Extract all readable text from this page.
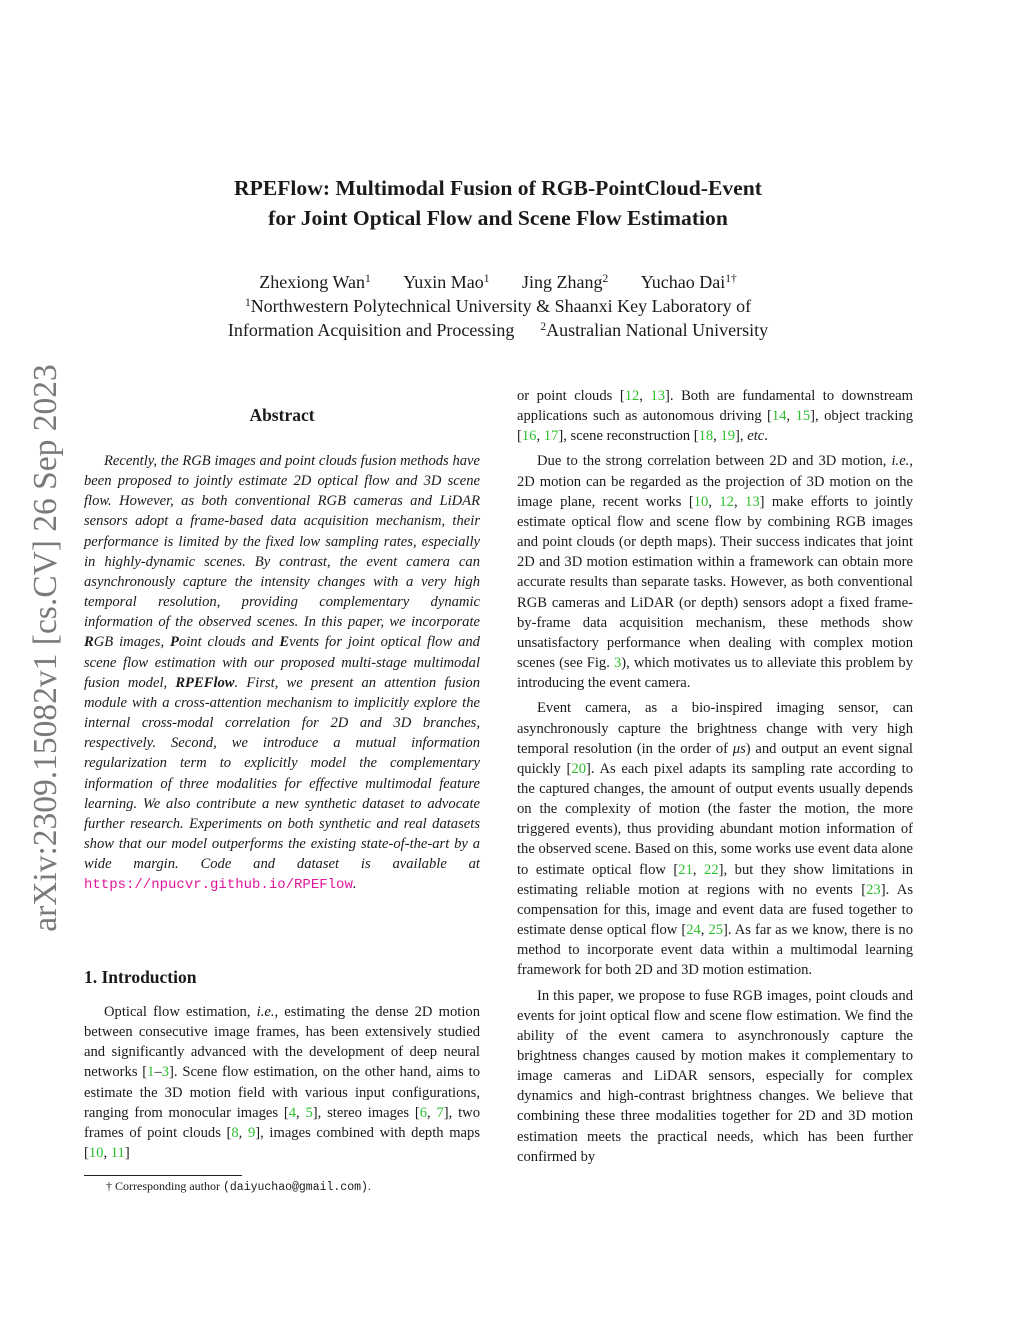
arXiv:2309.15082v1 [cs.CV] 26 Sep 2023
RPEFlow: Multimodal Fusion of RGB-PointCloud-Event
for Joint Optical Flow and Scene Flow Estimation
Zhexiong Wan$^1$ Yuxin Mao$^1$ Jing Zhang$^2$ Yuchao Dai$^{1\dagger}$
$^1$Northwestern Polytechnical University & Shaanxi Key Laboratory of
Information Acquisition and Processing $^2$Australian National University
Abstract

Recently, the RGB images and point clouds fusion methods have been proposed to jointly estimate 2D optical flow and 3D scene flow. However, as both conventional RGB cameras and LiDAR sensors adopt a frame-based data acquisition mechanism, their performance is limited by the fixed low sampling rates, especially in highly-dynamic scenes. By contrast, the event camera can asynchronously capture the intensity changes with a very high temporal resolution, providing complementary dynamic information of the observed scenes. In this paper, we incorporate RGB images, Point clouds and Events for joint optical flow and scene flow estimation with our proposed multi-stage multimodal fusion model, RPEFlow. First, we present an attention fusion module with a cross-attention mechanism to implicitly explore the internal cross-modal correlation for 2D and 3D branches, respectively. Second, we introduce a mutual information regularization term to explicitly model the complementary information of three modalities for effective multimodal feature learning. We also contribute a new synthetic dataset to advocate further research. Experiments on both synthetic and real datasets show that our model outperforms the existing state-of-the-art by a wide margin. Code and dataset is available at https://npucvr.github.io/RPEFlow.

1. Introduction

Optical flow estimation, i.e., estimating the dense 2D motion between consecutive image frames, has been extensively studied and significantly advanced with the development of deep neural networks [1–3]. Scene flow estimation, on the other hand, aims to estimate the 3D motion field with various input configurations, ranging from monocular images [4, 5], stereo images [6, 7], two frames of point clouds [8, 9], images combined with depth maps [10, 11]

† Corresponding author (daiyuchao@gmail.com).

or point clouds [12, 13]. Both are fundamental to downstream applications such as autonomous driving [14, 15], object tracking [16, 17], scene reconstruction [18, 19], etc.

Due to the strong correlation between 2D and 3D motion, i.e., 2D motion can be regarded as the projection of 3D motion on the image plane, recent works [10, 12, 13] make efforts to jointly estimate optical flow and scene flow by combining RGB images and point clouds (or depth maps). Their success indicates that joint 2D and 3D motion estimation within a framework can obtain more accurate results than separate tasks. However, as both conventional RGB cameras and LiDAR (or depth) sensors adopt a fixed frame-by-frame data acquisition mechanism, these methods show unsatisfactory performance when dealing with complex motion scenes (see Fig. 3), which motivates us to alleviate this problem by introducing the event camera.

Event camera, as a bio-inspired imaging sensor, can asynchronously capture the brightness change with very high temporal resolution (in the order of μs) and output an event signal quickly [20]. As each pixel adapts its sampling rate according to the captured changes, the amount of output events usually depends on the complexity of motion (the faster the motion, the more triggered events), thus providing abundant motion information of the observed scene. Based on this, some works use event data alone to estimate optical flow [21, 22], but they show limitations in estimating reliable motion at regions with no events [23]. As compensation for this, image and event data are fused together to estimate dense optical flow [24, 25]. As far as we know, there is no method to incorporate event data within a multimodal learning framework for both 2D and 3D motion estimation.

In this paper, we propose to fuse RGB images, point clouds and events for joint optical flow and scene flow estimation. We find the ability of the event camera to asynchronously capture the brightness changes caused by motion makes it complementary to image cameras and LiDAR sensors, especially for complex dynamics and high-contrast brightness changes. We believe that combining these three modalities together for 2D and 3D motion estimation meets the practical needs, which has been further confirmed by
